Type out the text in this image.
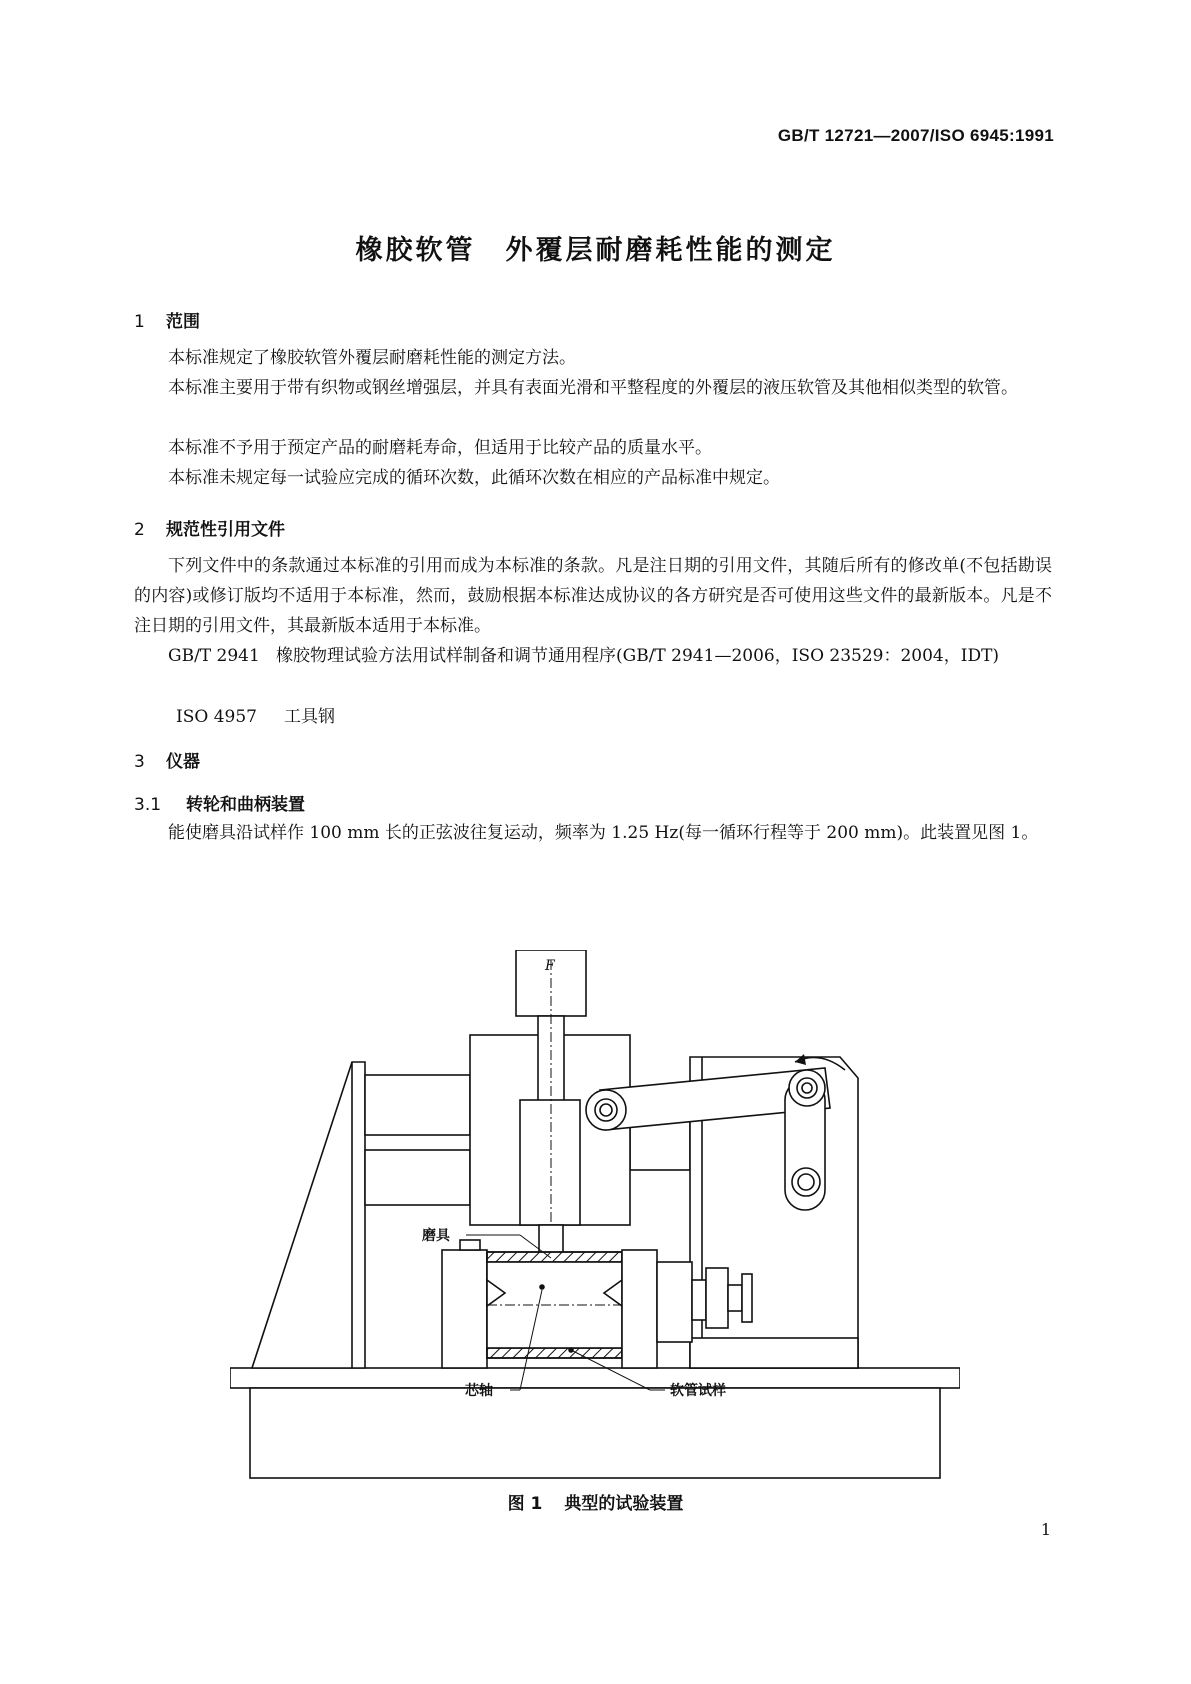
GB/T 12721—2007/ISO 6945:1991
橡胶软管　外覆层耐磨耗性能的测定
1 范围
本标准规定了橡胶软管外覆层耐磨耗性能的测定方法。
本标准主要用于带有织物或钢丝增强层，并具有表面光滑和平整程度的外覆层的液压软管及其他相似类型的软管。
本标准不予用于预定产品的耐磨耗寿命，但适用于比较产品的质量水平。
本标准未规定每一试验应完成的循环次数，此循环次数在相应的产品标准中规定。
2 规范性引用文件
下列文件中的条款通过本标准的引用而成为本标准的条款。凡是注日期的引用文件，其随后所有的修改单(不包括勘误的内容)或修订版均不适用于本标准，然而，鼓励根据本标准达成协议的各方研究是否可使用这些文件的最新版本。凡是不注日期的引用文件，其最新版本适用于本标准。
GB/T 2941 橡胶物理试验方法用试样制备和调节通用程序(GB/T 2941—2006，ISO 23529：2004，IDT)
ISO 4957 工具钢
3 仪器
3.1 转轮和曲柄装置
能使磨具沿试样作 100 mm 长的正弦波往复运动，频率为 1.25 Hz(每一循环行程等于 200 mm)。此装置见图 1。
F
磨具
芯轴	软管试样
图 1 典型的试验装置
1
